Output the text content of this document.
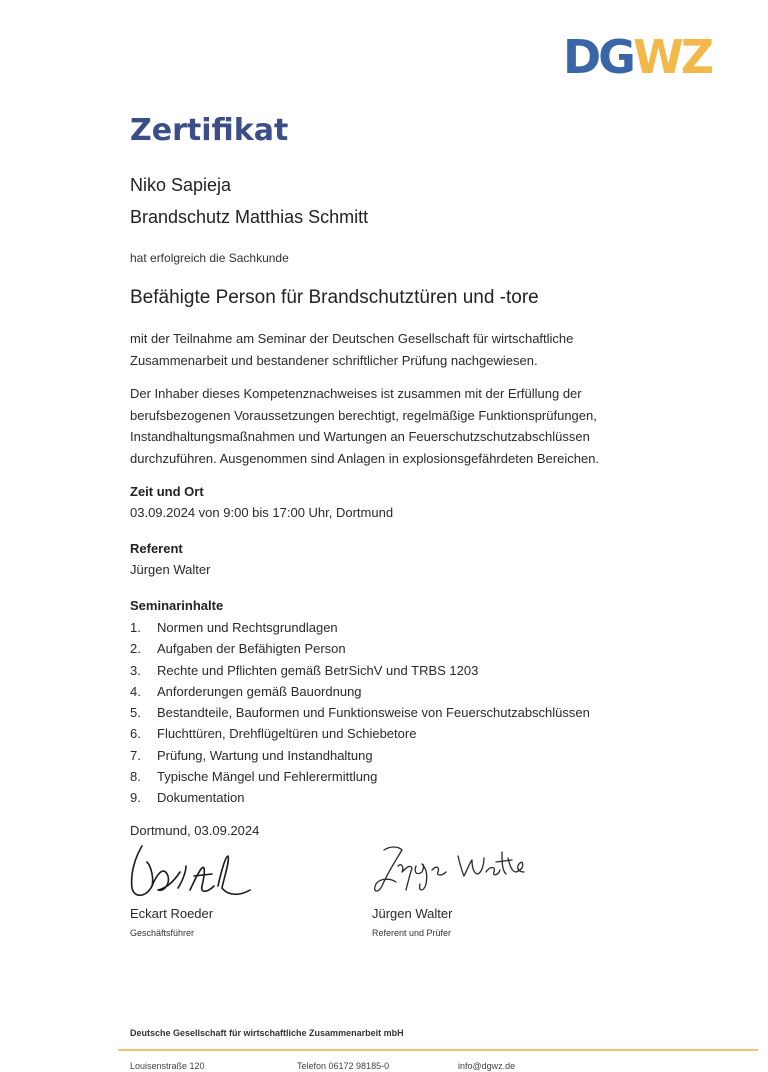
DGWZ
Zertifikat
Niko Sapieja
Brandschutz Matthias Schmitt
hat erfolgreich die Sachkunde
Befähigte Person für Brandschutztüren und -tore
mit der Teilnahme am Seminar der Deutschen Gesellschaft für wirtschaftliche
Zusammenarbeit und bestandener schriftlicher Prüfung nachgewiesen.
Der Inhaber dieses Kompetenznachweises ist zusammen mit der Erfüllung der
berufsbezogenen Voraussetzungen berechtigt, regelmäßige Funktionsprüfungen,
Instandhaltungsmaßnahmen und Wartungen an Feuerschutzschutzabschlüssen
durchzuführen. Ausgenommen sind Anlagen in explosionsgefährdeten Bereichen.
Zeit und Ort
03.09.2024 von 9:00 bis 17:00 Uhr, Dortmund
Referent
Jürgen Walter
Seminarinhalte
1. Normen und Rechtsgrundlagen
2. Aufgaben der Befähigten Person
3. Rechte und Pflichten gemäß BetrSichV und TRBS 1203
4. Anforderungen gemäß Bauordnung
5. Bestandteile, Bauformen und Funktionsweise von Feuerschutzabschlüssen
6. Fluchttüren, Drehflügeltüren und Schiebetore
7. Prüfung, Wartung und Instandhaltung
8. Typische Mängel und Fehlerermittlung
9. Dokumentation
Dortmund, 03.09.2024
Eckart Roeder
Geschäftsführer
Jürgen Walter
Referent und Prüfer
Deutsche Gesellschaft für wirtschaftliche Zusammenarbeit mbH
Louisenstraße 120	Telefon 06172 98185-0	info@dgwz.de
